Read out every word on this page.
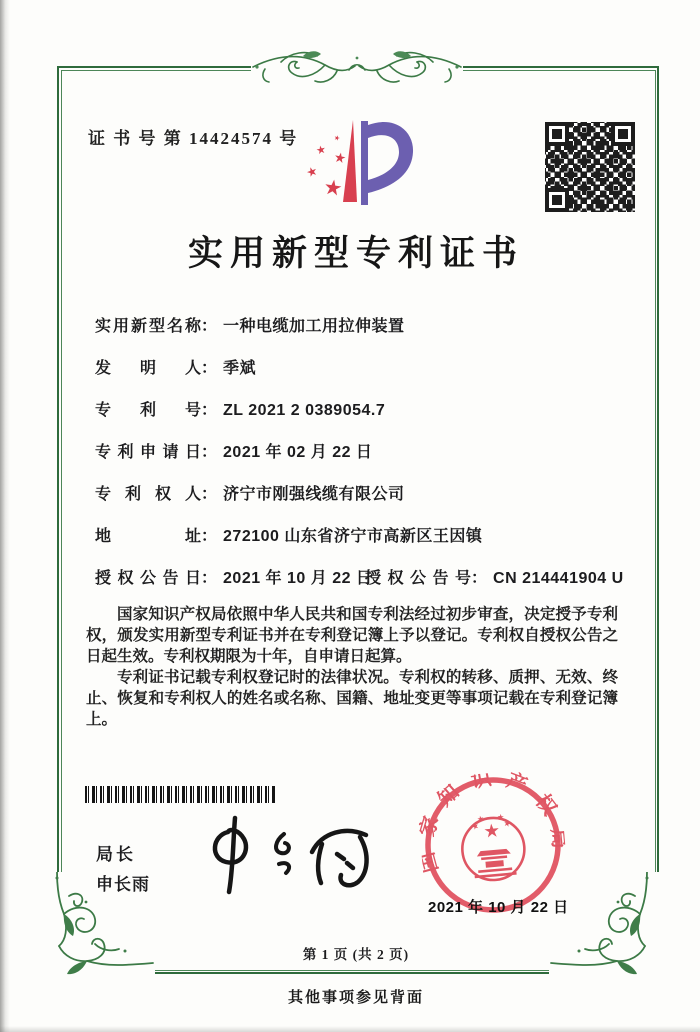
证 书 号 第 14424574 号
实用新型专利证书
实用新型名称： 一种电缆加工用拉伸装置
发明人： 季斌
专利号： ZL 2021 2 0389054.7
专利申请日： 2021 年 02 月 22 日
专利权人： 济宁市刚强线缆有限公司
地址： 272100 山东省济宁市高新区王因镇
授权公告日： 2021 年 10 月 22 日
授权公告号： CN 214441904 U

国家知识产权局依照中华人民共和国专利法经过初步审查，决定授予专利权，颁发实用新型专利证书并在专利登记簿上予以登记。专利权自授权公告之日起生效。专利权期限为十年，自申请日起算。

专利证书记载专利权登记时的法律状况。专利权的转移、质押、无效、终止、恢复和专利权人的姓名或名称、国籍、地址变更等事项记载在专利登记簿上。

局长
申长雨
国家知识产权局
2021 年 10 月 22 日
第 1 页 (共 2 页)
其他事项参见背面
